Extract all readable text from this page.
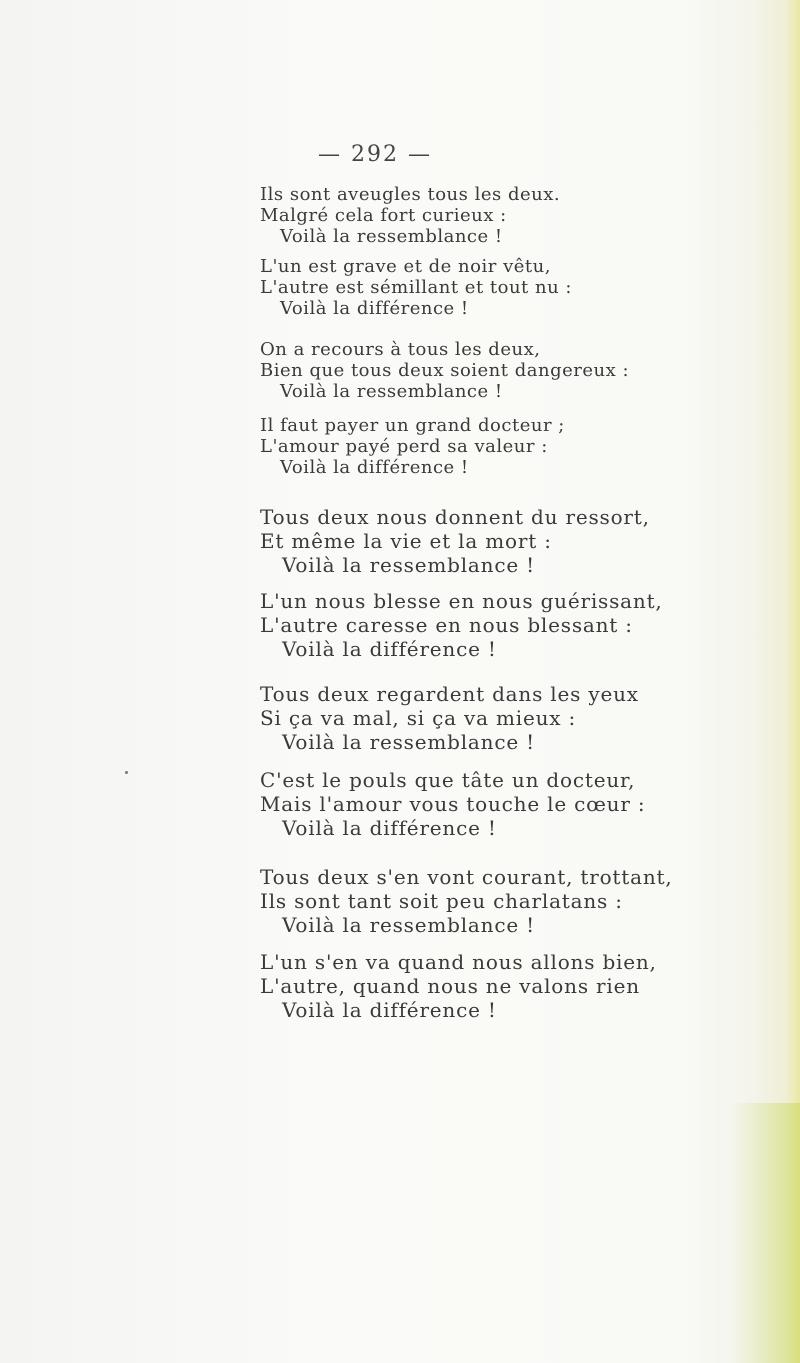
— 292 —
Ils sont aveugles tous les deux.
Malgré cela fort curieux :
Voilà la ressemblance !
L'un est grave et de noir vêtu,
L'autre est sémillant et tout nu :
Voilà la différence !
On a recours à tous les deux,
Bien que tous deux soient dangereux :
Voilà la ressemblance !
Il faut payer un grand docteur ;
L'amour payé perd sa valeur :
Voilà la différence !
Tous deux nous donnent du ressort,
Et même la vie et la mort :
Voilà la ressemblance !
L'un nous blesse en nous guérissant,
L'autre caresse en nous blessant :
Voilà la différence !
Tous deux regardent dans les yeux
Si ça va mal, si ça va mieux :
Voilà la ressemblance !
C'est le pouls que tâte un docteur,
Mais l'amour vous touche le cœur :
Voilà la différence !
Tous deux s'en vont courant, trottant,
Ils sont tant soit peu charlatans :
Voilà la ressemblance !
L'un s'en va quand nous allons bien,
L'autre, quand nous ne valons rien
Voilà la différence !
